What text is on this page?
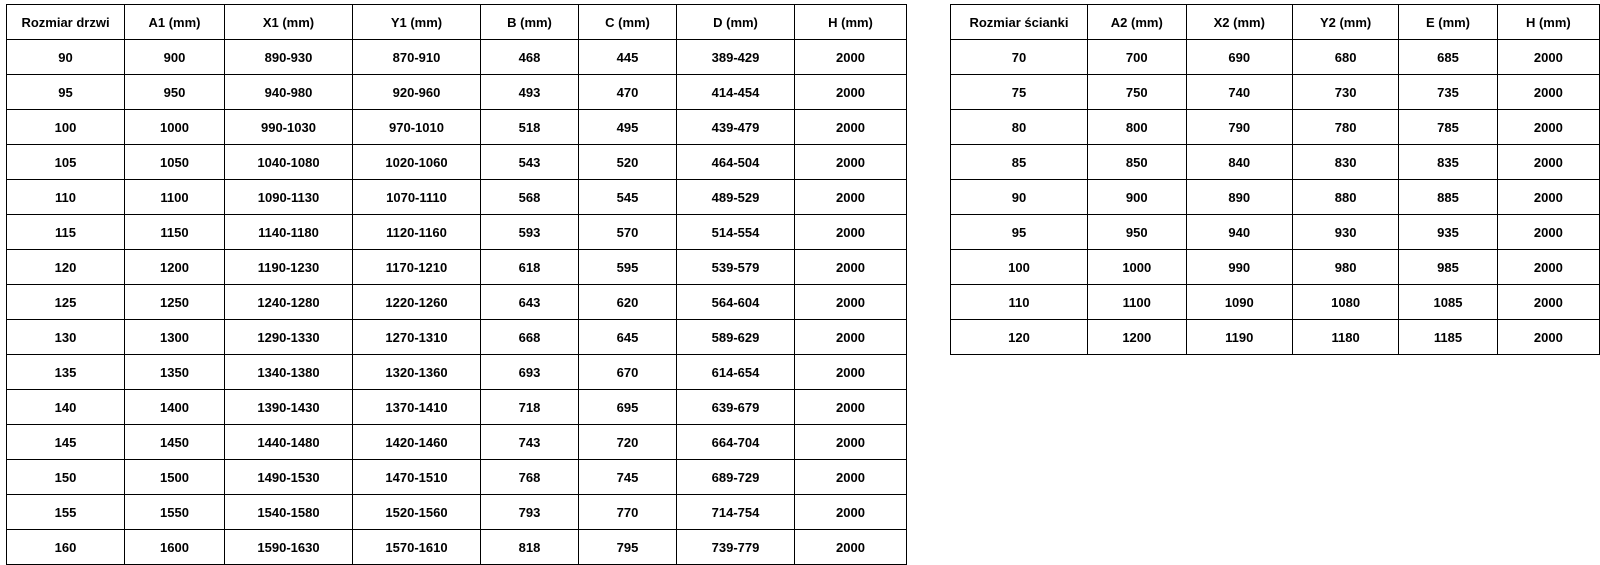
Rozmiar drzwi	A1 (mm)	X1 (mm)	Y1 (mm)	B (mm)	C (mm)	D (mm)	H (mm)
90	900	890-930	870-910	468	445	389-429	2000
95	950	940-980	920-960	493	470	414-454	2000
100	1000	990-1030	970-1010	518	495	439-479	2000
105	1050	1040-1080	1020-1060	543	520	464-504	2000
110	1100	1090-1130	1070-1110	568	545	489-529	2000
115	1150	1140-1180	1120-1160	593	570	514-554	2000
120	1200	1190-1230	1170-1210	618	595	539-579	2000
125	1250	1240-1280	1220-1260	643	620	564-604	2000
130	1300	1290-1330	1270-1310	668	645	589-629	2000
135	1350	1340-1380	1320-1360	693	670	614-654	2000
140	1400	1390-1430	1370-1410	718	695	639-679	2000
145	1450	1440-1480	1420-1460	743	720	664-704	2000
150	1500	1490-1530	1470-1510	768	745	689-729	2000
155	1550	1540-1580	1520-1560	793	770	714-754	2000
160	1600	1590-1630	1570-1610	818	795	739-779	2000
Rozmiar ścianki	A2 (mm)	X2 (mm)	Y2 (mm)	E (mm)	H (mm)
70	700	690	680	685	2000
75	750	740	730	735	2000
80	800	790	780	785	2000
85	850	840	830	835	2000
90	900	890	880	885	2000
95	950	940	930	935	2000
100	1000	990	980	985	2000
110	1100	1090	1080	1085	2000
120	1200	1190	1180	1185	2000
